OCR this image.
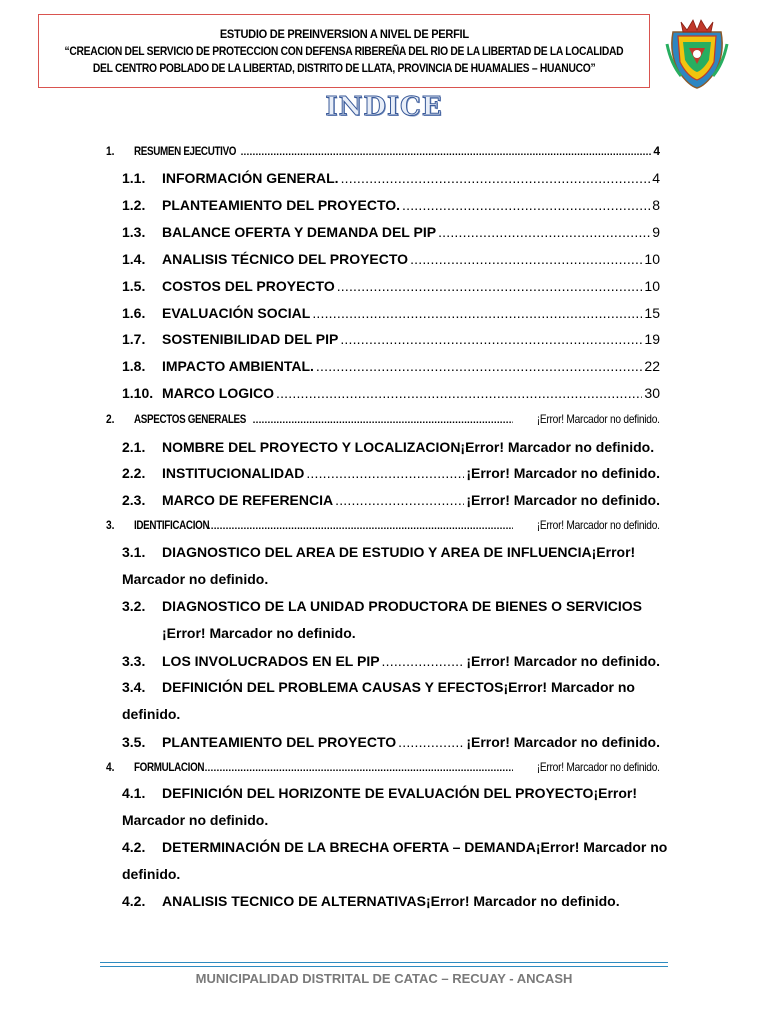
ESTUDIO DE PREINVERSION A NIVEL DE PERFIL
“CREACION DEL SERVICIO DE PROTECCION CON DEFENSA RIBEREÑA DEL RIO DE LA LIBERTAD DE LA LOCALIDAD
DEL CENTRO POBLADO DE LA LIBERTAD, DISTRITO DE LLATA, PROVINCIA DE HUAMALIES – HUANUCO”
INDICE
1.	RESUMEN EJECUTIVO .....	4
1.1.	INFORMACIÓN GENERAL. .....	4
1.2.	PLANTEAMIENTO DEL PROYECTO. .....	8
1.3.	BALANCE OFERTA Y DEMANDA DEL PIP .....	9
1.4.	ANALISIS TÉCNICO DEL PROYECTO .....	10
1.5.	COSTOS DEL PROYECTO .....	10
1.6.	EVALUACIÓN SOCIAL .....	15
1.7.	SOSTENIBILIDAD DEL PIP .....	19
1.8.	IMPACTO AMBIENTAL. .....	22
1.10. MARCO LOGICO .....	30
2.	ASPECTOS GENERALES .....	¡Error! Marcador no definido.
2.1.	NOMBRE DEL PROYECTO Y LOCALIZACION¡Error! Marcador no definido.
2.2.	INSTITUCIONALIDAD .....	¡Error! Marcador no definido.
2.3.	MARCO DE REFERENCIA .....	¡Error! Marcador no definido.
3.	IDENTIFICACION .....	¡Error! Marcador no definido.
3.1. DIAGNOSTICO DEL AREA DE ESTUDIO Y AREA DE INFLUENCIA¡Error!
Marcador no definido.
3.2. DIAGNOSTICO DE LA UNIDAD PRODUCTORA DE BIENES O SERVICIOS
¡Error! Marcador no definido.
3.3.	LOS INVOLUCRADOS EN EL PIP .....	¡Error! Marcador no definido.
3.4. DEFINICIÓN DEL PROBLEMA CAUSAS Y EFECTOS¡Error! Marcador no
definido.
3.5.	PLANTEAMIENTO DEL PROYECTO .....	¡Error! Marcador no definido.
4.	FORMULACION .....	¡Error! Marcador no definido.
4.1. DEFINICIÓN DEL HORIZONTE DE EVALUACIÓN DEL PROYECTO¡Error!
Marcador no definido.
4.2. DETERMINACIÓN DE LA BRECHA OFERTA – DEMANDA¡Error! Marcador no
definido.
4.2.	ANALISIS TECNICO DE ALTERNATIVAS ¡Error! Marcador no definido.
MUNICIPALIDAD DISTRITAL DE CATAC – RECUAY - ANCASH
